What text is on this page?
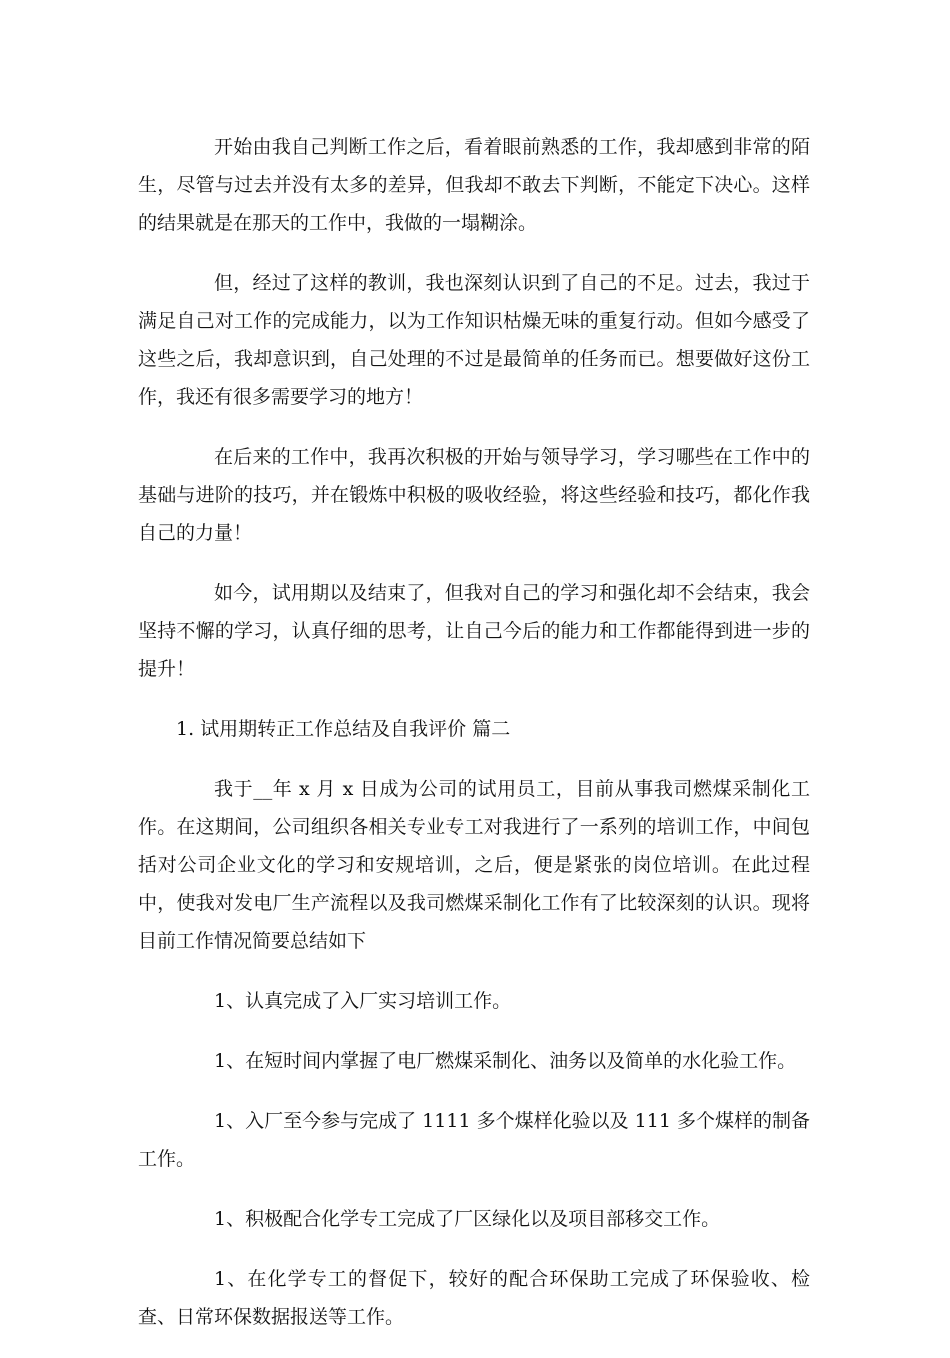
开始由我自己判断工作之后，看着眼前熟悉的工作，我却感到非常的陌生，尽管与过去并没有太多的差异，但我却不敢去下判断，不能定下决心。这样的结果就是在那天的工作中，我做的一塌糊涂。

但，经过了这样的教训，我也深刻认识到了自己的不足。过去，我过于满足自己对工作的完成能力，以为工作知识枯燥无味的重复行动。但如今感受了这些之后，我却意识到，自己处理的不过是最简单的任务而已。想要做好这份工作，我还有很多需要学习的地方！

在后来的工作中，我再次积极的开始与领导学习，学习哪些在工作中的基础与进阶的技巧，并在锻炼中积极的吸收经验，将这些经验和技巧，都化作我自己的力量！

如今，试用期以及结束了，但我对自己的学习和强化却不会结束，我会坚持不懈的学习，认真仔细的思考，让自己今后的能力和工作都能得到进一步的提升！

1. 试用期转正工作总结及自我评价 篇二

我于__年 x 月 x 日成为公司的试用员工，目前从事我司燃煤采制化工作。在这期间，公司组织各相关专业专工对我进行了一系列的培训工作，中间包括对公司企业文化的学习和安规培训，之后，便是紧张的岗位培训。在此过程中，使我对发电厂生产流程以及我司燃煤采制化工作有了比较深刻的认识。现将目前工作情况简要总结如下

1、认真完成了入厂实习培训工作。

1、在短时间内掌握了电厂燃煤采制化、油务以及简单的水化验工作。

1、入厂至今参与完成了 1111 多个煤样化验以及 111 多个煤样的制备工作。

1、积极配合化学专工完成了厂区绿化以及项目部移交工作。

1、在化学专工的督促下，较好的配合环保助工完成了环保验收、检查、日常环保数据报送等工作。
